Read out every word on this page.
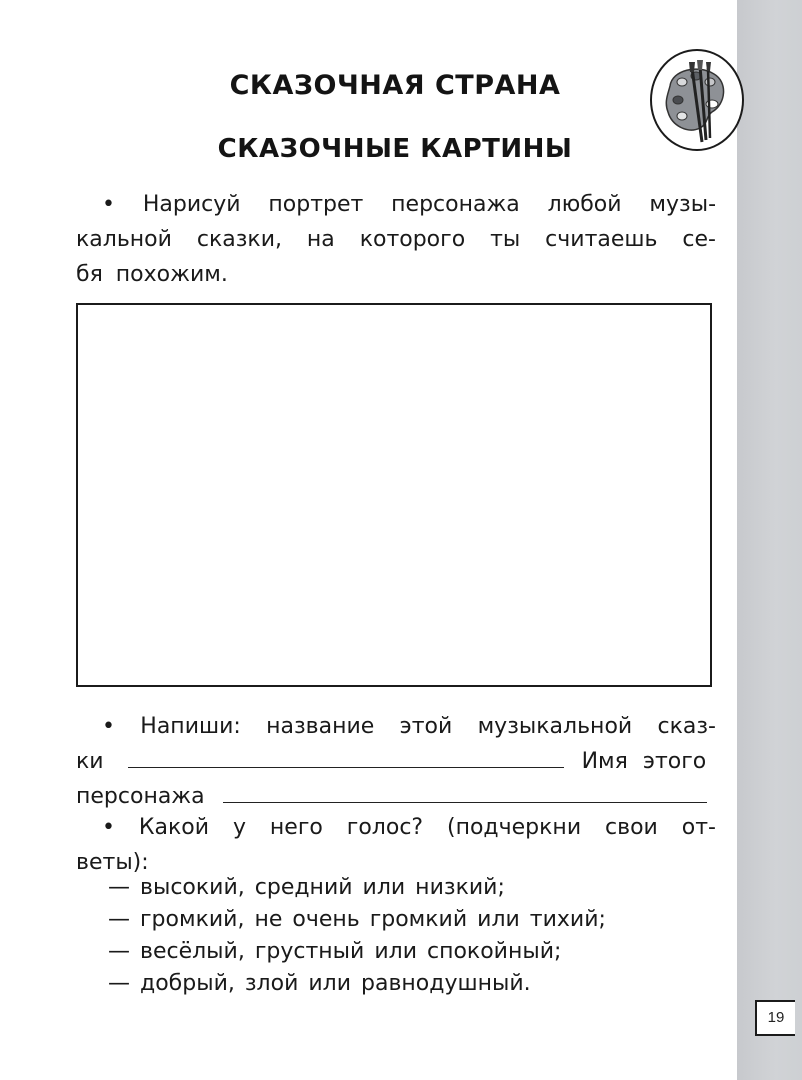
СКАЗОЧНАЯ СТРАНА
СКАЗОЧНЫЕ КАРТИНЫ
• Нарисуй портрет персонажа любой музы-
кальной сказки, на которого ты считаешь се-
бя похожим.
• Напиши: название этой музыкальной сказ-
ки	Имя этого
персонажа
• Какой у него голос? (подчеркни свои от-
веты):
— высокий, средний или низкий;
— громкий, не очень громкий или тихий;
— весёлый, грустный или спокойный;
— добрый, злой или равнодушный.
19
